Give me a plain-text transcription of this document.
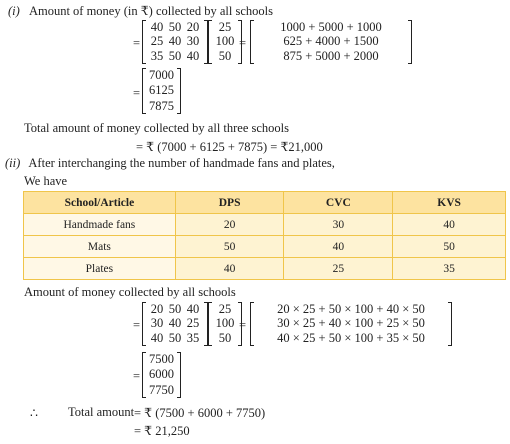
(i) Amount of money (in ₹) collected by all schools
=
40 50 20
25 40 30
35 50 40
25
100
50
=
1000 + 5000 + 1000
625 + 4000 + 1500
875 + 5000 + 2000
=
7000
6125
7875
Total amount of money collected by all three schools
= ₹ (7000 + 6125 + 7875) = ₹21,000
(ii) After interchanging the number of handmade fans and plates,
We have
School/Article	DPS	CVC	KVS
Handmade fans	20	30	40
Mats	50	40	50
Plates	40	25	35
Amount of money collected by all schools
=
20 50 40
30 40 25
40 50 35
25
100
50
=
20 × 25 + 50 × 100 + 40 × 50
30 × 25 + 40 × 100 + 25 × 50
40 × 25 + 50 × 100 + 35 × 50
=
7500
6000
7750
∴ Total amount = ₹ (7500 + 6000 + 7750)
= ₹ 21,250
